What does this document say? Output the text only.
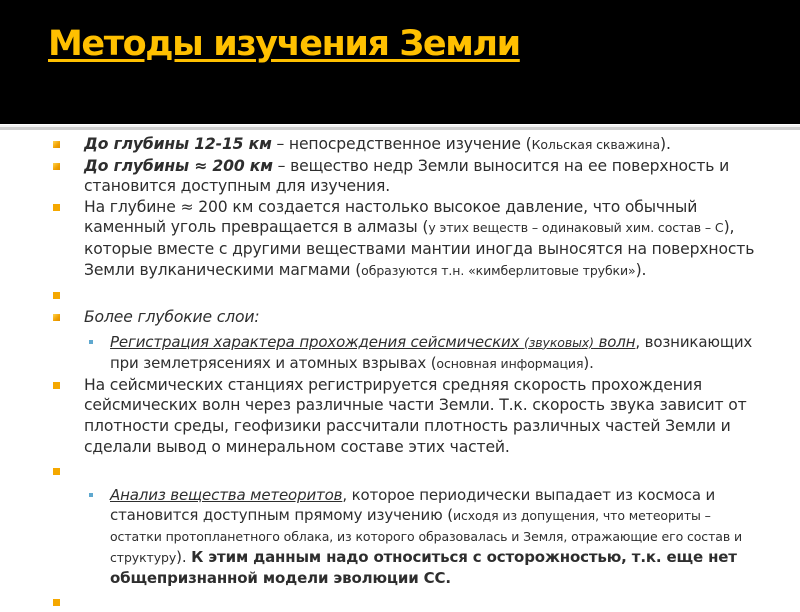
Методы изучения Земли
До глубины 12-15 км – непосредственное изучение (Кольская скважина).
До глубины ≈ 200 км – вещество недр Земли выносится на ее поверхность и становится доступным для изучения.
На глубине ≈ 200 км создается настолько высокое давление, что обычный каменный уголь превращается в алмазы (у этих веществ – одинаковый хим. состав – С), которые вместе с другими веществами мантии иногда выносятся на поверхность Земли вулканическими магмами (образуются т.н. «кимберлитовые трубки»).
Более глубокие слои:
Регистрация характера прохождения сейсмических (звуковых) волн, возникающих при землетрясениях и атомных взрывах (основная информация).
На сейсмических станциях регистрируется средняя скорость прохождения сейсмических волн через различные части Земли. Т.к. скорость звука зависит от плотности среды, геофизики рассчитали плотность различных частей Земли и сделали вывод о минеральном составе этих частей.
Анализ вещества метеоритов, которое периодически выпадает из космоса и становится доступным прямому изучению (исходя из допущения, что метеориты – остатки протопланетного облака, из которого образовалась и Земля, отражающие его состав и структуру). К этим данным надо относиться с осторожностью, т.к. еще нет общепризнанной модели эволюции СС.
